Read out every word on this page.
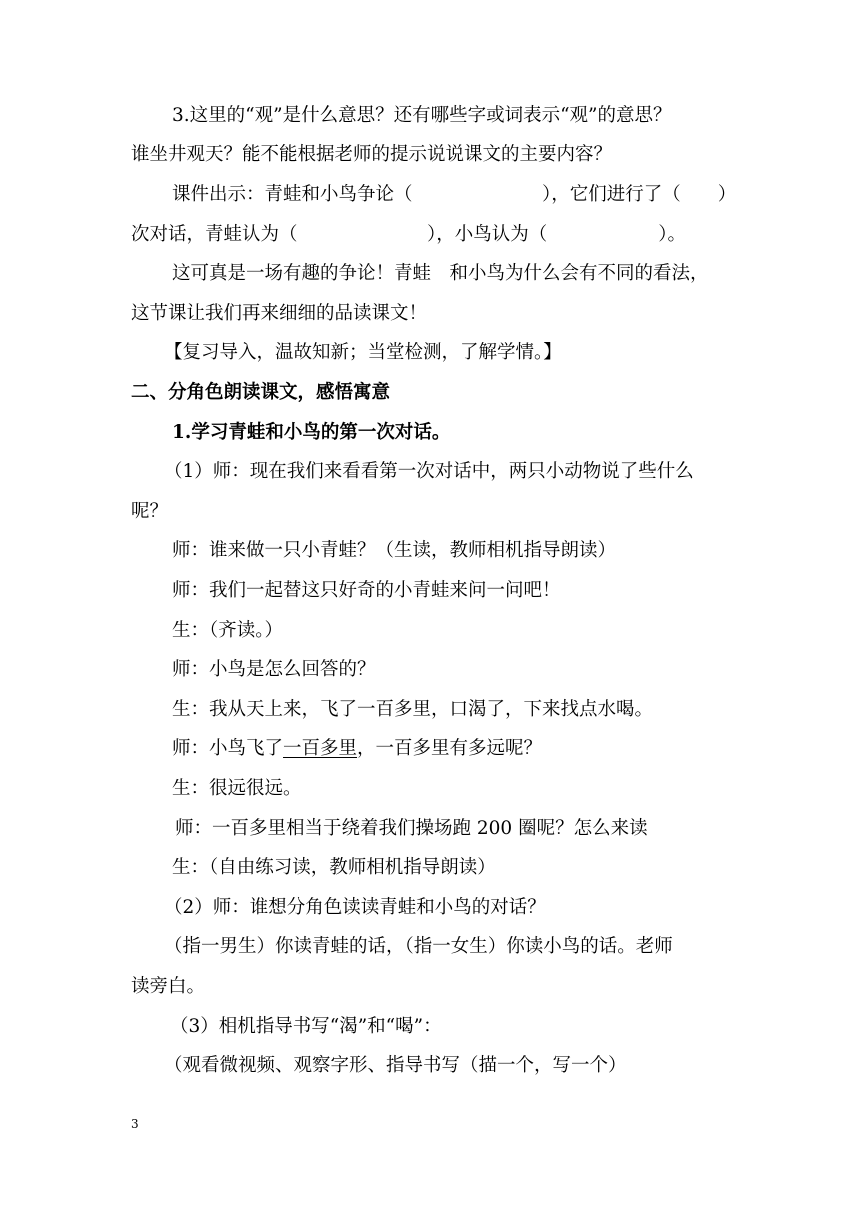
3.这里的“观”是什么意思？还有哪些字或词表示“观”的意思？
谁坐井观天？能不能根据老师的提示说说课文的主要内容？
课件出示：青蛙和小鸟争论（　　　　　　　），它们进行了（　　）
次对话，青蛙认为（　　　　　　　），小鸟认为（　　　　　　）。
这可真是一场有趣的争论！青蛙　和小鸟为什么会有不同的看法，
这节课让我们再来细细的品读课文！
【复习导入，温故知新；当堂检测，了解学情。】
二、分角色朗读课文，感悟寓意
1.学习青蛙和小鸟的第一次对话。
（1）师：现在我们来看看第一次对话中，两只小动物说了些什么
呢？
师：谁来做一只小青蛙？（生读，教师相机指导朗读）
师：我们一起替这只好奇的小青蛙来问一问吧！
生：（齐读。）
师：小鸟是怎么回答的？
生：我从天上来，飞了一百多里，口渴了，下来找点水喝。
师：小鸟飞了一百多里，一百多里有多远呢？
生：很远很远。
师：一百多里相当于绕着我们操场跑 200 圈呢？怎么来读
生：（自由练习读，教师相机指导朗读）
（2）师：谁想分角色读读青蛙和小鸟的对话？
（指一男生）你读青蛙的话，（指一女生）你读小鸟的话。老师
读旁白。
（3）相机指导书写“渴”和“喝”：
（观看微视频、观察字形、指导书写（描一个，写一个）
3
